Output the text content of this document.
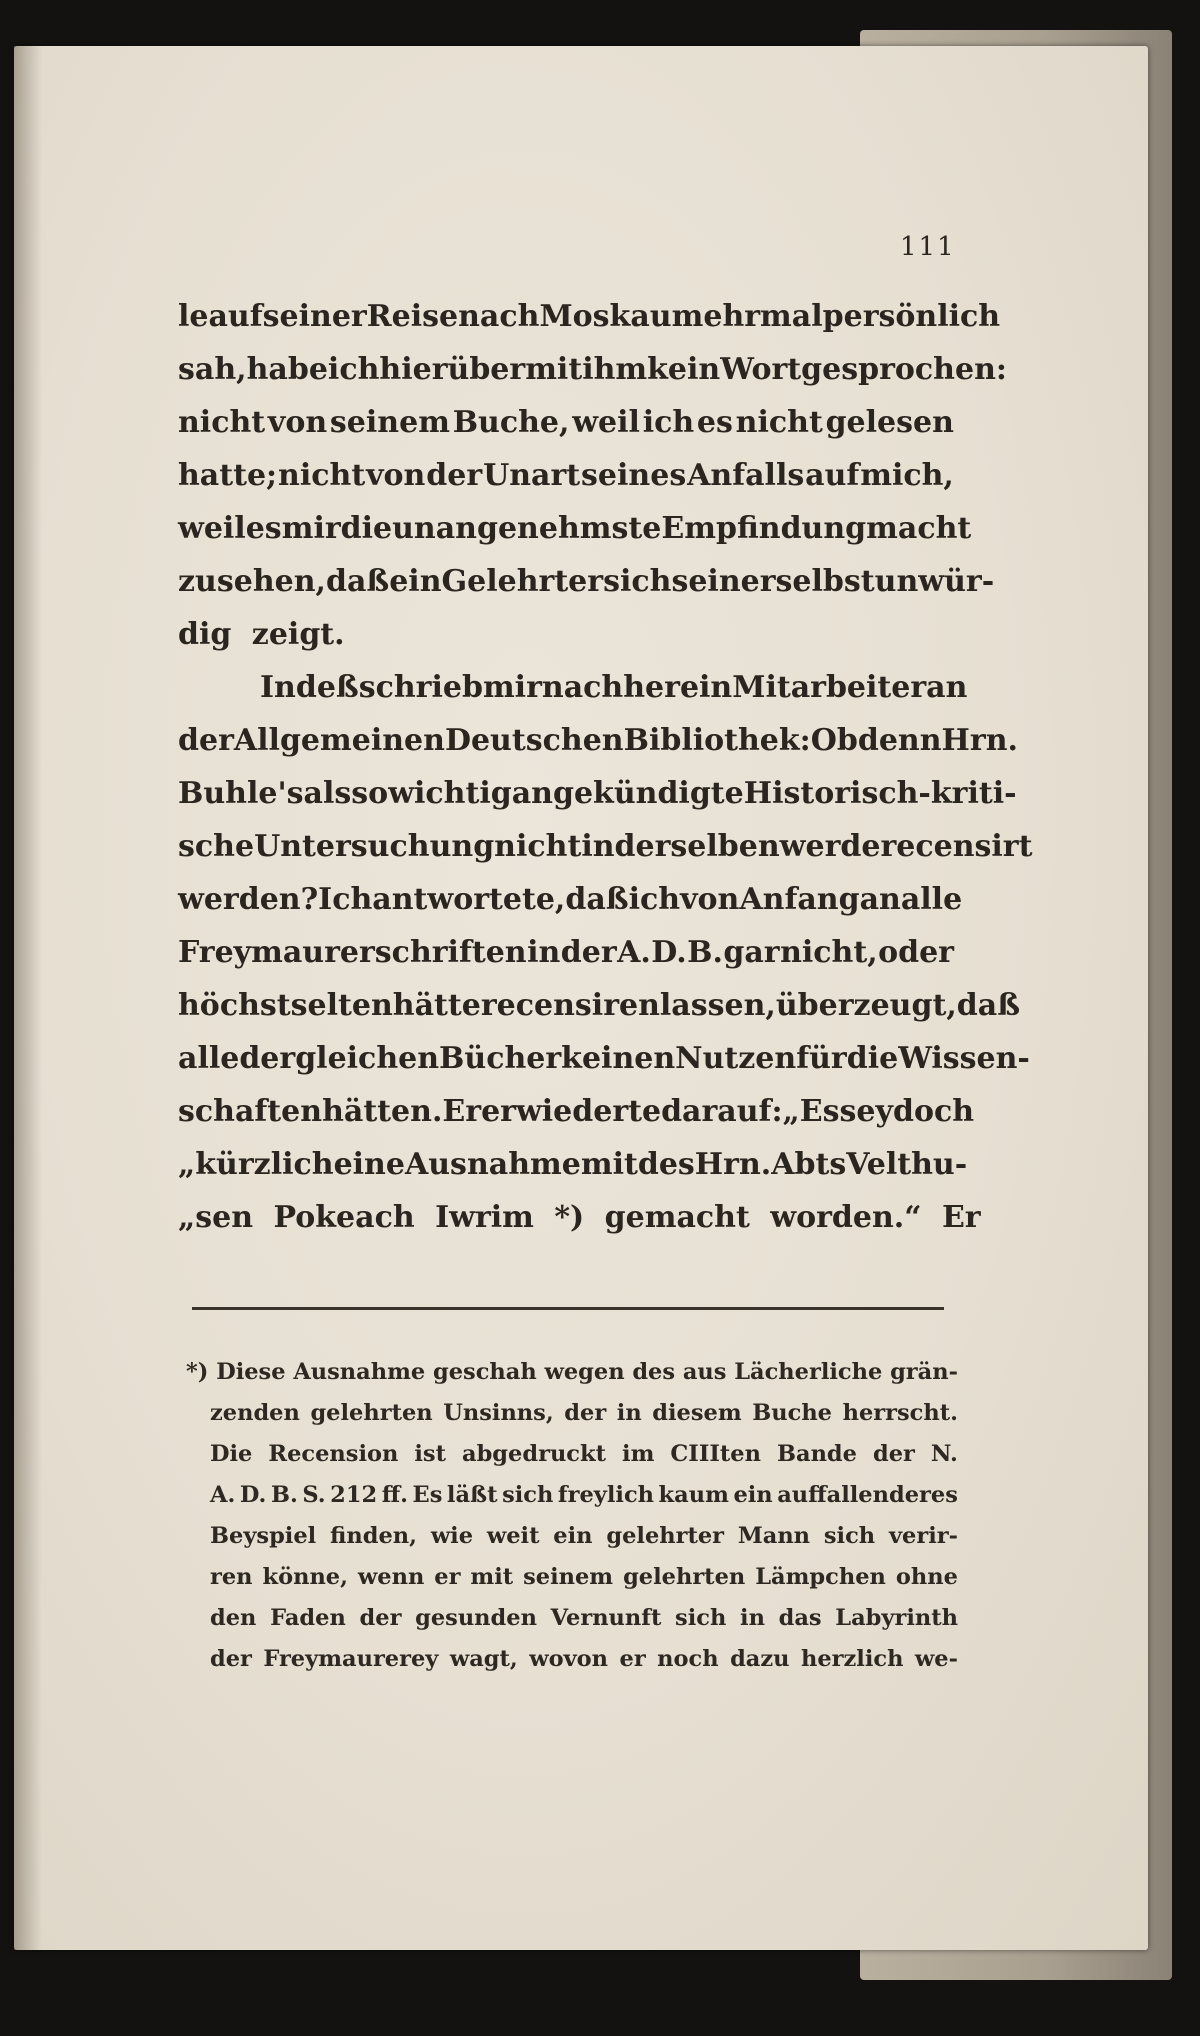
111
le auf seiner Reise nach Moskau mehrmal persönlich
sah, habe ich hierüber mit ihm kein Wort gesprochen:
nicht von seinem Buche, weil ich es nicht gelesen
hatte; nicht von der Unart seines Anfalls auf mich,
weil es mir die unangenehmste Empfindung macht
zu sehen, daß ein Gelehrter sich seiner selbst unwür-
dig zeigt.
Indeß schrieb mir nachher ein Mitarbeiter an
der Allgemeinen Deutschen Bibliothek: Ob denn Hrn.
Buhle's als so wichtig angekündigte Historisch-kriti-
sche Untersuchung nicht in derselben werde recensirt
werden? Ich antwortete, daß ich von Anfang an alle
Freymaurerschriften in der A. D. B. gar nicht, oder
höchstselten hätte recensiren lassen, überzeugt, daß
alle dergleichen Bücher keinen Nutzen für die Wissen-
schaften hätten. Er erwiederte darauf: „Es sey doch
„kürzlich eine Ausnahme mit des Hrn. Abts Velthu-
„sen Pokeach Iwrim *) gemacht worden.“ Er
*) Diese Ausnahme geschah wegen des aus Lächerliche grän-
zenden gelehrten Unsinns, der in diesem Buche herrscht.
Die Recension ist abgedruckt im CIIIten Bande der N.
A. D. B. S. 212 ff. Es läßt sich freylich kaum ein auffallenderes
Beyspiel finden, wie weit ein gelehrter Mann sich verir-
ren könne, wenn er mit seinem gelehrten Lämpchen ohne
den Faden der gesunden Vernunft sich in das Labyrinth
der Freymaurerey wagt, wovon er noch dazu herzlich we-
